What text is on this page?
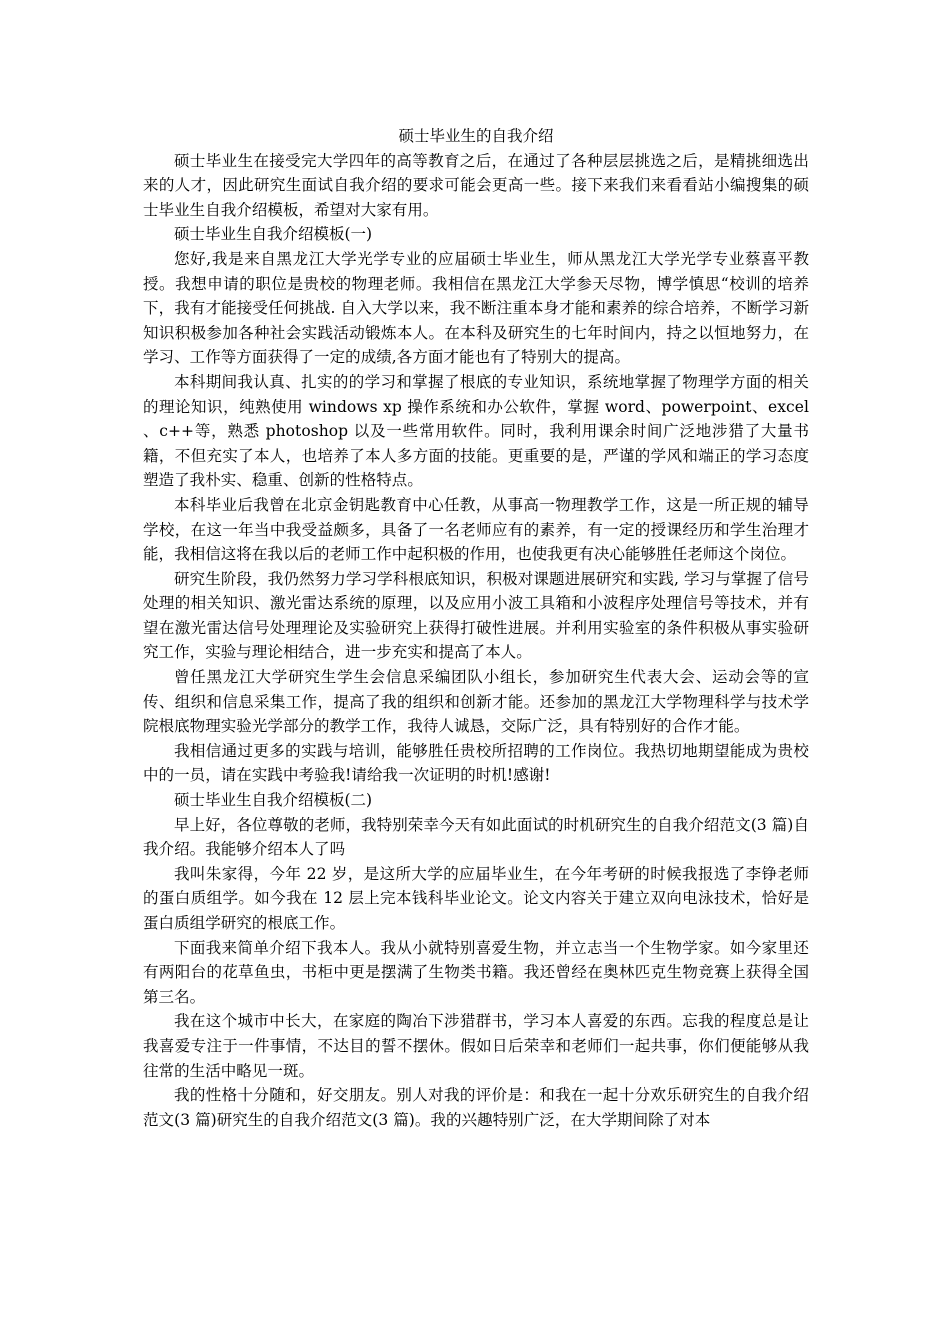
硕士毕业生的自我介绍

硕士毕业生在接受完大学四年的高等教育之后，在通过了各种层层挑选之后，是精挑细选出来的人才，因此研究生面试自我介绍的要求可能会更高一些。接下来我们来看看站小编搜集的硕士毕业生自我介绍模板，希望对大家有用。

硕士毕业生自我介绍模板(一)

您好,我是来自黑龙江大学光学专业的应届硕士毕业生，师从黑龙江大学光学专业蔡喜平教授。我想申请的职位是贵校的物理老师。我相信在黑龙江大学参天尽物，博学慎思“校训的培养下，我有才能接受任何挑战. 自入大学以来，我不断注重本身才能和素养的综合培养，不断学习新知识积极参加各种社会实践活动锻炼本人。在本科及研究生的七年时间内，持之以恒地努力，在学习、工作等方面获得了一定的成绩,各方面才能也有了特别大的提高。

本科期间我认真、扎实的的学习和掌握了根底的专业知识，系统地掌握了物理学方面的相关的理论知识，纯熟使用 windows xp 操作系统和办公软件，掌握 word、powerpoint、excel 、c++等，熟悉 photoshop 以及一些常用软件。同时，我利用课余时间广泛地涉猎了大量书籍，不但充实了本人，也培养了本人多方面的技能。更重要的是，严谨的学风和端正的学习态度塑造了我朴实、稳重、创新的性格特点。

本科毕业后我曾在北京金钥匙教育中心任教，从事高一物理教学工作，这是一所正规的辅导学校，在这一年当中我受益颇多，具备了一名老师应有的素养，有一定的授课经历和学生治理才能，我相信这将在我以后的老师工作中起积极的作用，也使我更有决心能够胜任老师这个岗位。

研究生阶段，我仍然努力学习学科根底知识，积极对课题进展研究和实践, 学习与掌握了信号处理的相关知识、激光雷达系统的原理，以及应用小波工具箱和小波程序处理信号等技术，并有望在激光雷达信号处理理论及实验研究上获得打破性进展。并利用实验室的条件积极从事实验研究工作，实验与理论相结合，进一步充实和提高了本人。

曾任黑龙江大学研究生学生会信息采编团队小组长，参加研究生代表大会、运动会等的宣传、组织和信息采集工作，提高了我的组织和创新才能。还参加的黑龙江大学物理科学与技术学院根底物理实验光学部分的教学工作，我待人诚恳，交际广泛，具有特别好的合作才能。

我相信通过更多的实践与培训，能够胜任贵校所招聘的工作岗位。我热切地期望能成为贵校中的一员，请在实践中考验我!请给我一次证明的时机!感谢!

硕士毕业生自我介绍模板(二)

早上好，各位尊敬的老师，我特别荣幸今天有如此面试的时机研究生的自我介绍范文(3 篇)自我介绍。我能够介绍本人了吗

我叫朱家得，今年 22 岁，是这所大学的应届毕业生，在今年考研的时候我报选了李铮老师的蛋白质组学。如今我在 12 层上完本钱科毕业论文。论文内容关于建立双向电泳技术，恰好是蛋白质组学研究的根底工作。

下面我来简单介绍下我本人。我从小就特别喜爱生物，并立志当一个生物学家。如今家里还有两阳台的花草鱼虫，书柜中更是摆满了生物类书籍。我还曾经在奥林匹克生物竞赛上获得全国第三名。

我在这个城市中长大，在家庭的陶冶下涉猎群书，学习本人喜爱的东西。忘我的程度总是让我喜爱专注于一件事情，不达目的誓不摆休。假如日后荣幸和老师们一起共事，你们便能够从我往常的生活中略见一斑。

我的性格十分随和，好交朋友。别人对我的评价是：和我在一起十分欢乐研究生的自我介绍范文(3 篇)研究生的自我介绍范文(3 篇)。我的兴趣特别广泛，在大学期间除了对本
